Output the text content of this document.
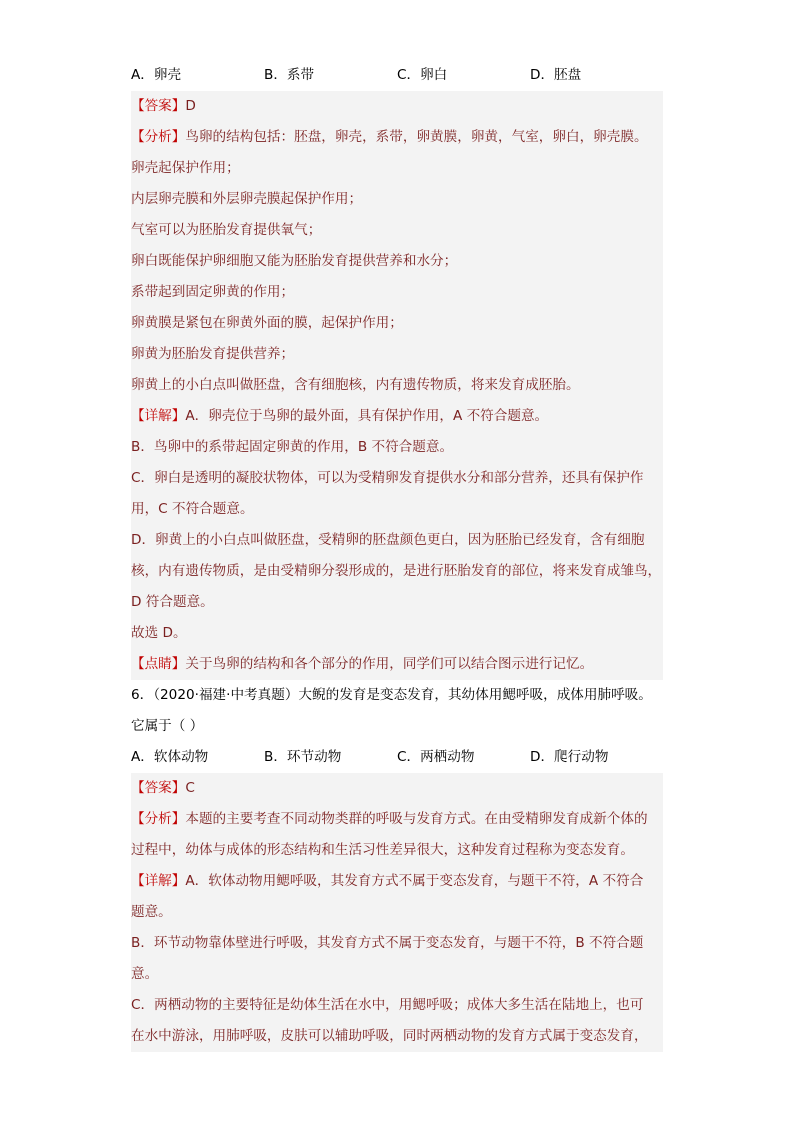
A．卵壳	B．系带	C．卵白	D．胚盘
【答案】D
【分析】鸟卵的结构包括：胚盘，卵壳，系带，卵黄膜，卵黄，气室，卵白，卵壳膜。
卵壳起保护作用；
内层卵壳膜和外层卵壳膜起保护作用；
气室可以为胚胎发育提供氧气；
卵白既能保护卵细胞又能为胚胎发育提供营养和水分；
系带起到固定卵黄的作用；
卵黄膜是紧包在卵黄外面的膜，起保护作用；
卵黄为胚胎发育提供营养；
卵黄上的小白点叫做胚盘，含有细胞核，内有遗传物质，将来发育成胚胎。
【详解】A．卵壳位于鸟卵的最外面，具有保护作用，A 不符合题意。
B．鸟卵中的系带起固定卵黄的作用，B 不符合题意。
C．卵白是透明的凝胶状物体，可以为受精卵发育提供水分和部分营养，还具有保护作
用，C 不符合题意。
D．卵黄上的小白点叫做胚盘，受精卵的胚盘颜色更白，因为胚胎已经发育，含有细胞
核，内有遗传物质，是由受精卵分裂形成的，是进行胚胎发育的部位，将来发育成雏鸟，
D 符合题意。
故选 D。
【点睛】关于鸟卵的结构和各个部分的作用，同学们可以结合图示进行记忆。
6．（2020·福建·中考真题）大鲵的发育是变态发育，其幼体用鳃呼吸，成体用肺呼吸。
它属于（ ）
A．软体动物	B．环节动物	C．两栖动物	D．爬行动物
【答案】C
【分析】本题的主要考查不同动物类群的呼吸与发育方式。在由受精卵发育成新个体的
过程中，幼体与成体的形态结构和生活习性差异很大，这种发育过程称为变态发育。
【详解】A．软体动物用鳃呼吸，其发育方式不属于变态发育，与题干不符，A 不符合
题意。
B．环节动物靠体壁进行呼吸，其发育方式不属于变态发育，与题干不符，B 不符合题
意。
C．两栖动物的主要特征是幼体生活在水中，用鳃呼吸；成体大多生活在陆地上，也可
在水中游泳，用肺呼吸，皮肤可以辅助呼吸，同时两栖动物的发育方式属于变态发育，
